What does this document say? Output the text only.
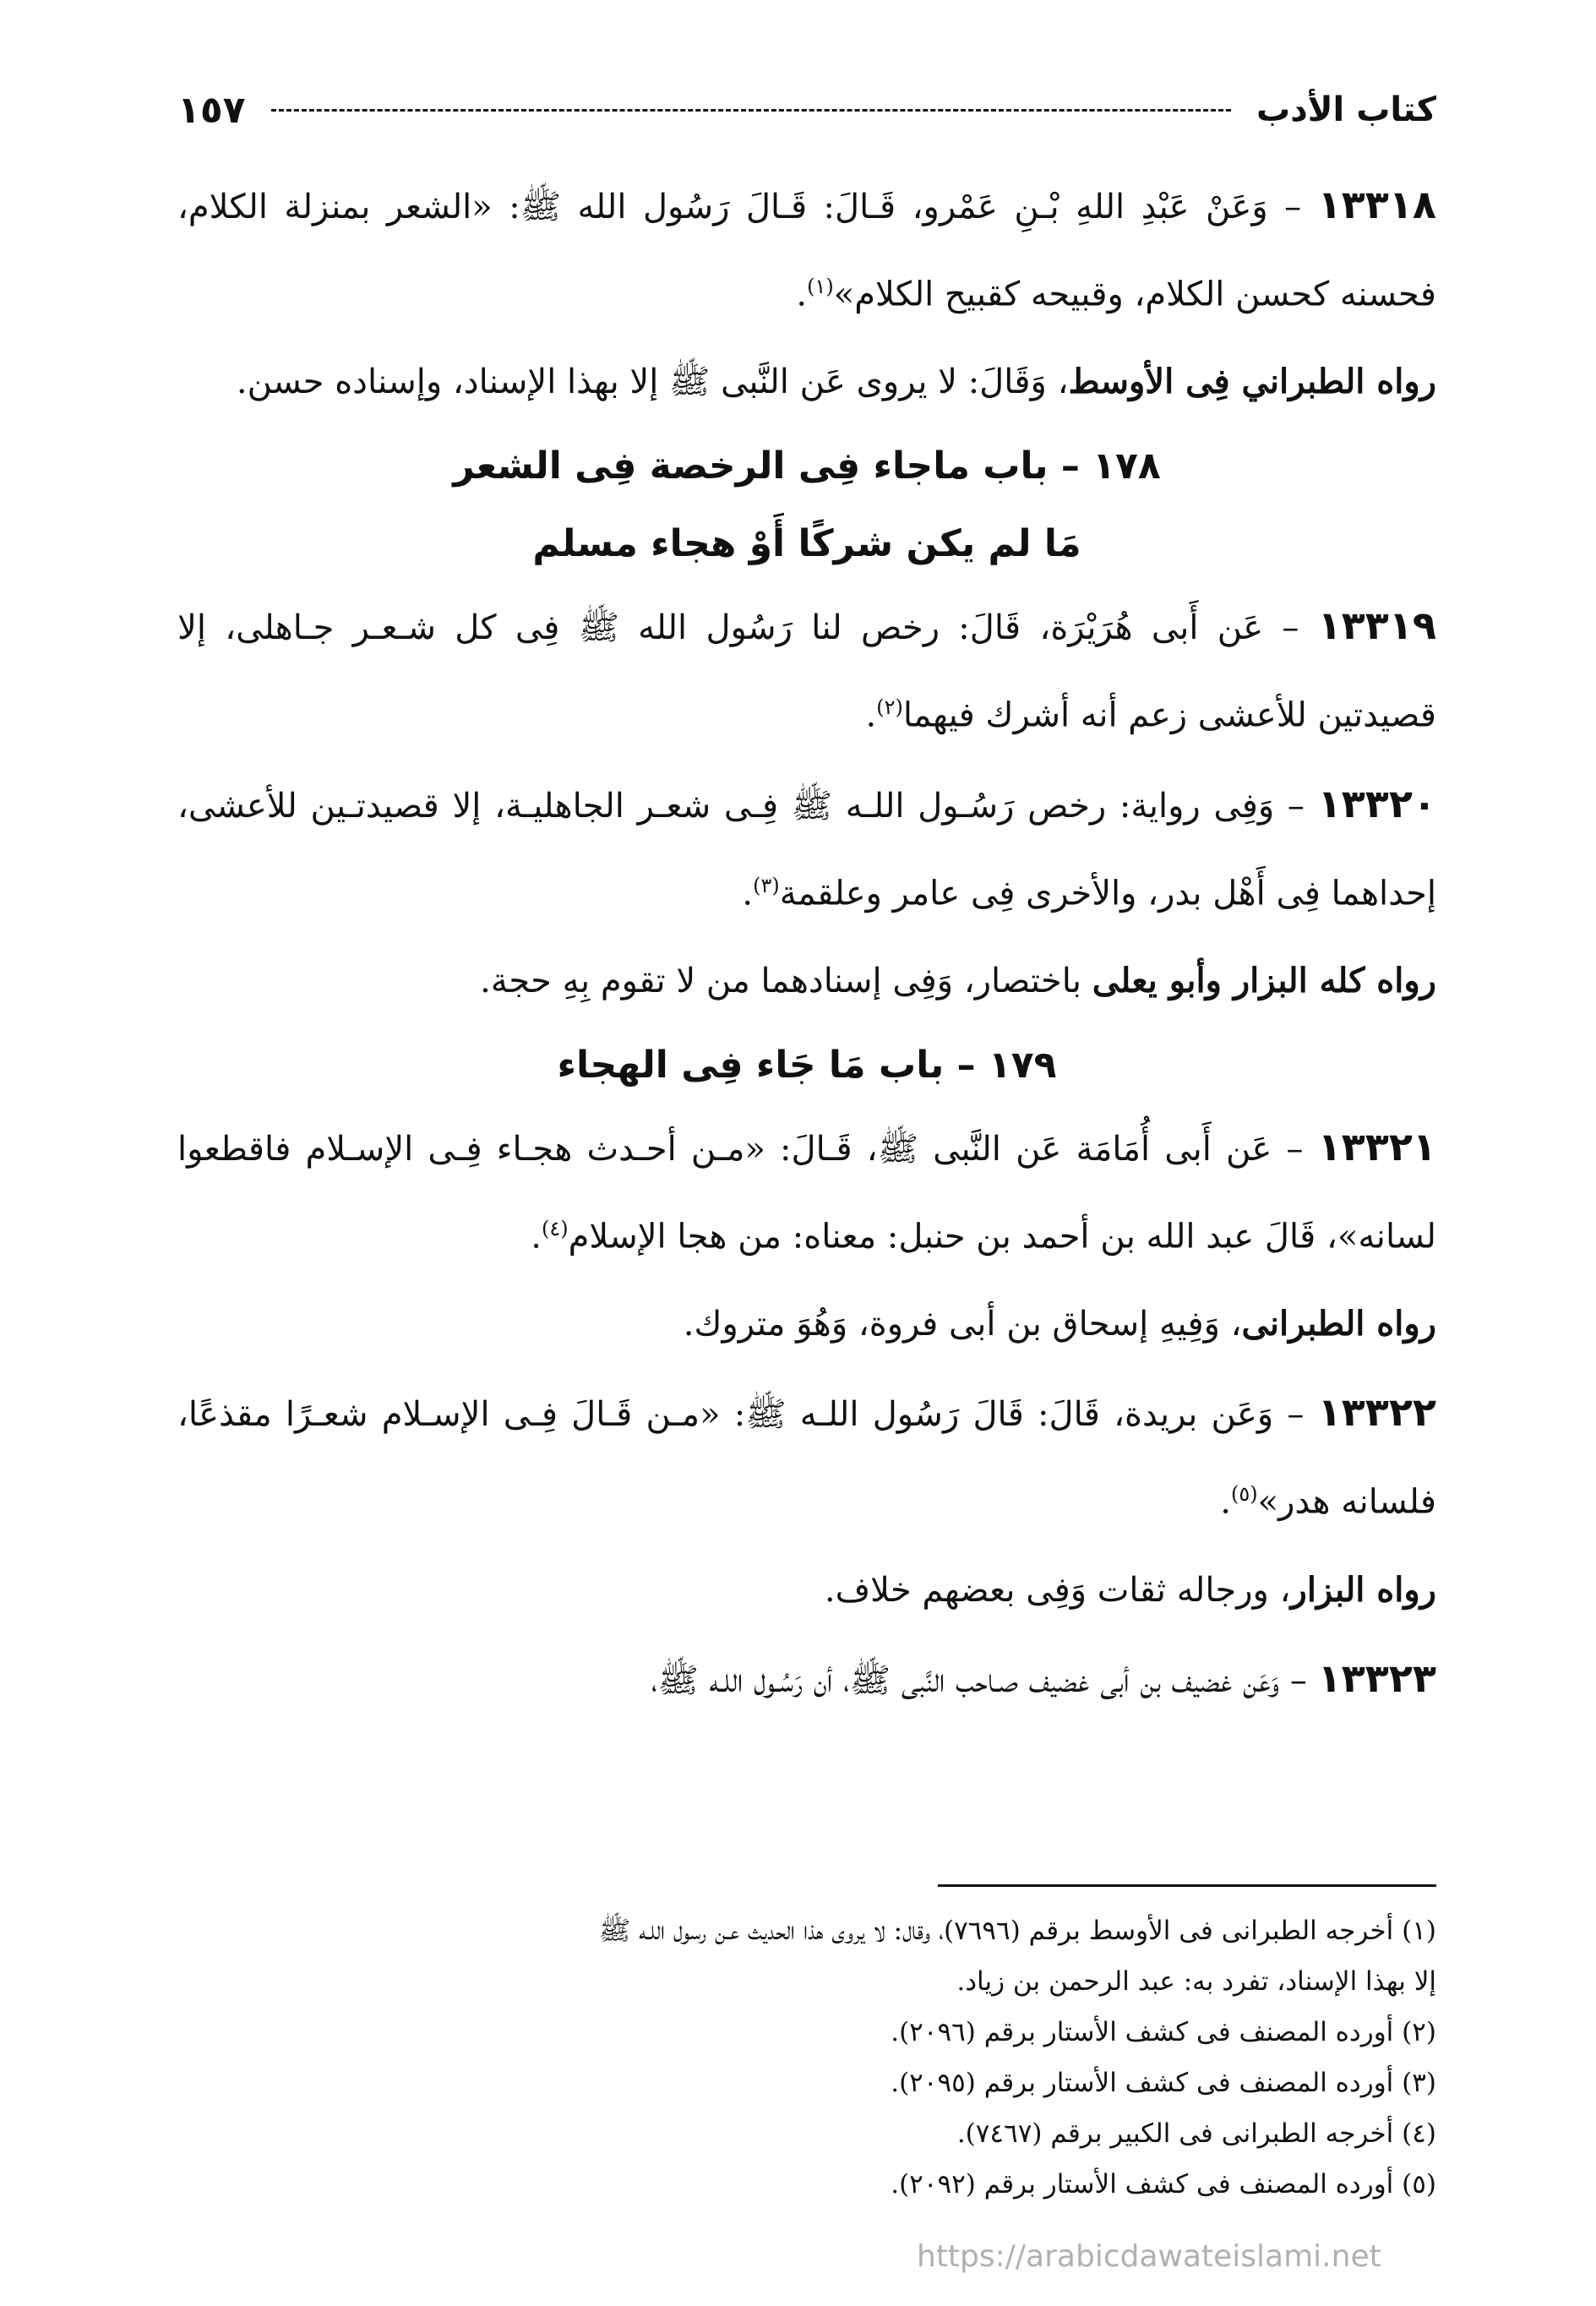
كتاب الأدب
١٥٧

١٣٣١٨ – وَعَنْ عَبْدِ اللهِ بْـنِ عَمْرو، قَـالَ: قَـالَ رَسُول الله ﷺ: «الشعر بمنزلة الكلام، فحسنه كحسن الكلام، وقبيحه كقبيح الكلام»$^{(١)}$.

رواه الطبراني فِى الأوسط، وَقَالَ: لا يروى عَن النَّبى ﷺ إلا بهذا الإسناد، وإسناده حسن.

١٧٨ – باب ماجاء فِى الرخصة فِى الشعر
مَا لم يكن شركًا أَوْ هجاء مسلم

١٣٣١٩ – عَن أَبى هُرَيْرَة، قَالَ: رخص لنا رَسُول الله ﷺ فِى كل شـعـر جـاهلى، إلا قصيدتين للأعشى زعم أنه أشرك فيهما$^{(٢)}$.

١٣٣٢٠ – وَفِى رواية: رخص رَسُـول اللـه ﷺ فِـى شعـر الجاهليـة، إلا قصيدتـين للأعشى، إحداهما فِى أَهْل بدر، والأخرى فِى عامر وعلقمة$^{(٣)}$.

رواه كله البزار وأبو يعلى باختصار، وَفِى إسنادهما من لا تقوم بِهِ حجة.

١٧٩ – باب مَا جَاء فِى الهجاء

١٣٣٢١ – عَن أَبى أُمَامَة عَن النَّبى ﷺ، قَـالَ: «مـن أحـدث هجـاء فِـى الإسـلام فاقطعوا لسانه»، قَالَ عبد الله بن أحمد بن حنبل: معناه: من هجا الإسلام$^{(٤)}$.

رواه الطبرانى، وَفِيهِ إسحاق بن أبى فروة، وَهُوَ متروك.

١٣٣٢٢ – وَعَن بريدة، قَالَ: قَالَ رَسُول اللـه ﷺ: «مـن قَـالَ فِـى الإسـلام شعـرًا مقذعًا، فلسانه هدر»$^{(٥)}$.

رواه البزار، ورجاله ثقات وَفِى بعضهم خلاف.

١٣٣٢٣ – وَعَن غضيف بن أبى غضيف صـاحب النَّبى ﷺ، أن رَسُـول اللـه ﷺ،

(١) أخرجه الطبرانى فى الأوسط برقم (٧٦٩٦)، وقال: لا يروى هذا الحديث عـن رسول اللـه ﷺ
إلا بهذا الإسناد، تفرد به: عبد الرحمن بن زياد.

(٢) أورده المصنف فى كشف الأستار برقم (٢٠٩٦).

(٣) أورده المصنف فى كشف الأستار برقم (٢٠٩٥).

(٤) أخرجه الطبرانى فى الكبير برقم (٧٤٦٧).

(٥) أورده المصنف فى كشف الأستار برقم (٢٠٩٢).

https://arabicdawateislami.net
